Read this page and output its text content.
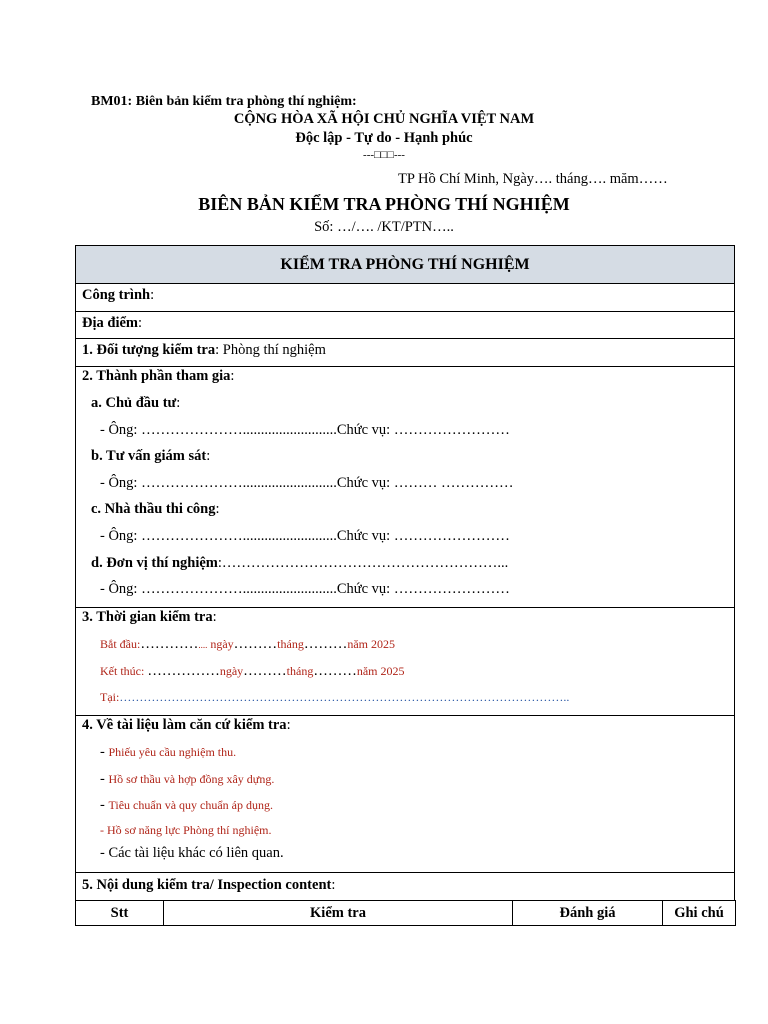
BM01: Biên bản kiểm tra phòng thí nghiệm:
CỘNG HÒA XÃ HỘI CHỦ NGHĨA VIỆT NAM
Độc lập - Tự do - Hạnh phúc
---□□□---
TP Hồ Chí Minh, Ngày…. tháng…. măm……
BIÊN BẢN KIỂM TRA PHÒNG THÍ NGHIỆM
Số: …/…. /KT/PTN…..
KIỂM TRA PHÒNG THÍ NGHIỆM
Công trình:
Địa điểm:
1. Đối tượng kiểm tra: Phòng thí nghiệm
2. Thành phần tham gia:
a. Chủ đầu tư:
- Ông: …………………..........................Chức vụ: ……………………
b. Tư vấn giám sát:
- Ông: …………………..........................Chức vụ: ……… ……………
c. Nhà thầu thi công:
- Ông: …………………..........................Chức vụ: ……………………
d. Đơn vị thí nghiệm:…………………………………………………...
- Ông: …………………..........................Chức vụ: ……………………
3. Thời gian kiểm tra:
Bắt đầu:………….... ngày………tháng………năm 2025
Kết thúc: ……………ngày………tháng………năm 2025
Tại:…………………………………………………………………………………………………..
4. Về tài liệu làm căn cứ kiểm tra:
- Phiếu yêu cầu nghiệm thu.
- Hồ sơ thầu và hợp đồng xây dựng.
- Tiêu chuẩn và quy chuẩn áp dụng.
- Hồ sơ năng lực Phòng thí nghiệm.
- Các tài liệu khác có liên quan.
5. Nội dung kiểm tra/ Inspection content:
Stt	Kiểm tra	Đánh giá	Ghi chú
